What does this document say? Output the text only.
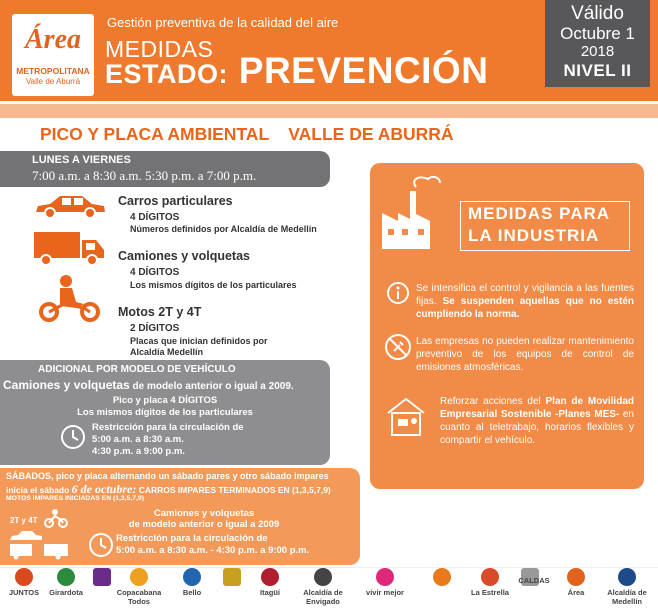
Área
METROPOLITANA
Valle de Aburrá
Gestión preventiva de la calidad del aire
MEDIDAS
ESTADO: PREVENCIÓN
Válido
Octubre 1
2018
NIVEL II
PICO Y PLACA AMBIENTAL    VALLE DE ABURRÁ
LUNES A VIERNES
7:00 a.m. a 8:30 a.m. 5:30 p.m. a 7:00 p.m.
Carros particulares
4 DÍGITOS
Números definidos por Alcaldía de Medellín
Camiones y volquetas
4 DÍGITOS
Los mismos dígitos de los particulares
Motos 2T y 4T
2 DÍGITOS
Placas que inician definidos por
Alcaldía Medellín
ADICIONAL POR MODELO DE VEHÍCULO
Camiones y volquetas de modelo anterior o igual a 2009.
Pico y placa 4 DÍGITOS
Los mismos dígitos de los particulares
Restricción para la circulación de
5:00 a.m. a 8:30 a.m.
4:30 p.m. a 9:00 p.m.
SÁBADOS, pico y placa alternando un sábado pares y otro sábado impares
inicia el sábado 6 de octubre: CARROS IMPARES TERMINADOS EN (1,3,5,7,9)
MOTOS IMPARES INICIADAS EN (1,3,5,7,9)
2T y 4T
Camiones y volquetas
de modelo anterior o igual a 2009
Restricción para la circulación de
5:00 a.m. a 8:30 a.m. - 4:30 p.m. a 9:00 p.m.
MEDIDAS PARA
LA INDUSTRIA
Se intensifica el control y vigilancia a las fuentes fijas. Se suspenden aquellas que no estén cumpliendo la norma.
Las empresas no pueden realizar mantenimiento preventivo de los equipos de control de emisiones atmosféricas.
Reforzar acciones del Plan de Movilidad Empresarial Sostenible -Planes MES- en cuanto al teletrabajo, horarios flexibles y compartir el vehículo.
JUNTOS	Girardota	Copacabana Todos
Bello	Itagüí	Alcaldía de Envigado
vivir mejor	La Estrella
CALDAS
Área	Alcaldía de Medellín
